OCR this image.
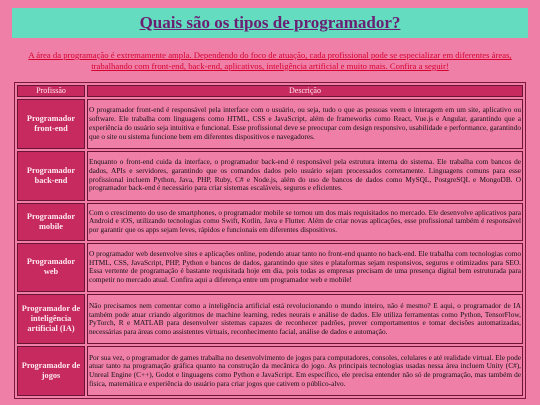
Quais são os tipos de programador?

A área da programação é extremamente ampla. Dependendo do foco de atuação, cada profissional pode se especializar em diferentes áreas, trabalhando com front-end, back-end, aplicativos, inteligência artificial e muito mais. Confira a seguir!

Profissão	Descrição
Programador front-end	O programador front-end é responsável pela interface com o usuário, ou seja, tudo o que as pessoas veem e interagem em um site, aplicativo ou software. Ele trabalha com linguagens como HTML, CSS e JavaScript, além de frameworks como React, Vue.js e Angular, garantindo que a experiência do usuário seja intuitiva e funcional. Esse profissional deve se preocupar com design responsivo, usabilidade e performance, garantindo que o site ou sistema funcione bem em diferentes dispositivos e navegadores.
Programador back-end	Enquanto o front-end cuida da interface, o programador back-end é responsável pela estrutura interna do sistema. Ele trabalha com bancos de dados, APIs e servidores, garantindo que os comandos dados pelo usuário sejam processados corretamente. Linguagens comuns para esse profissional incluem Python, Java, PHP, Ruby, C# e Node.js, além do uso de bancos de dados como MySQL, PostgreSQL e MongoDB. O programador back-end é necessário para criar sistemas escaláveis, seguros e eficientes.
Programador mobile	Com o crescimento do uso de smartphones, o programador mobile se tornou um dos mais requisitados no mercado. Ele desenvolve aplicativos para Android e iOS, utilizando tecnologias como Swift, Kotlin, Java e Flutter. Além de criar novas aplicações, esse profissional também é responsável por garantir que os apps sejam leves, rápidos e funcionais em diferentes dispositivos.
Programador web	O programador web desenvolve sites e aplicações online, podendo atuar tanto no front-end quanto no back-end. Ele trabalha com tecnologias como HTML, CSS, JavaScript, PHP, Python e bancos de dados, garantindo que sites e plataformas sejam responsivos, seguros e otimizados para SEO. Essa vertente de programação é bastante requisitada hoje em dia, pois todas as empresas precisam de uma presença digital bem estruturada para competir no mercado atual. Confira aqui a diferença entre um programador web e mobile!
Programador de inteligência artificial (IA)	Não precisamos nem comentar como a inteligência artificial está revolucionando o mundo inteiro, não é mesmo? E aqui, o programador de IA também pode atuar criando algoritmos de machine learning, redes neurais e análise de dados. Ele utiliza ferramentas como Python, TensorFlow, PyTorch, R e MATLAB para desenvolver sistemas capazes de reconhecer padrões, prever comportamentos e tomar decisões automatizadas, necessárias para áreas como assistentes virtuais, reconhecimento facial, análise de dados e automação.
Programador de jogos	Por sua vez, o programador de games trabalha no desenvolvimento de jogos para computadores, consoles, celulares e até realidade virtual. Ele pode atuar tanto na programação gráfica quanto na construção da mecânica do jogo. As principais tecnologias usadas nessa área incluem Unity (C#), Unreal Engine (C++), Godot e linguagens como Python e JavaScript. Em específico, ele precisa entender não só de programação, mas também de física, matemática e experiência do usuário para criar jogos que cativem o público-alvo.
